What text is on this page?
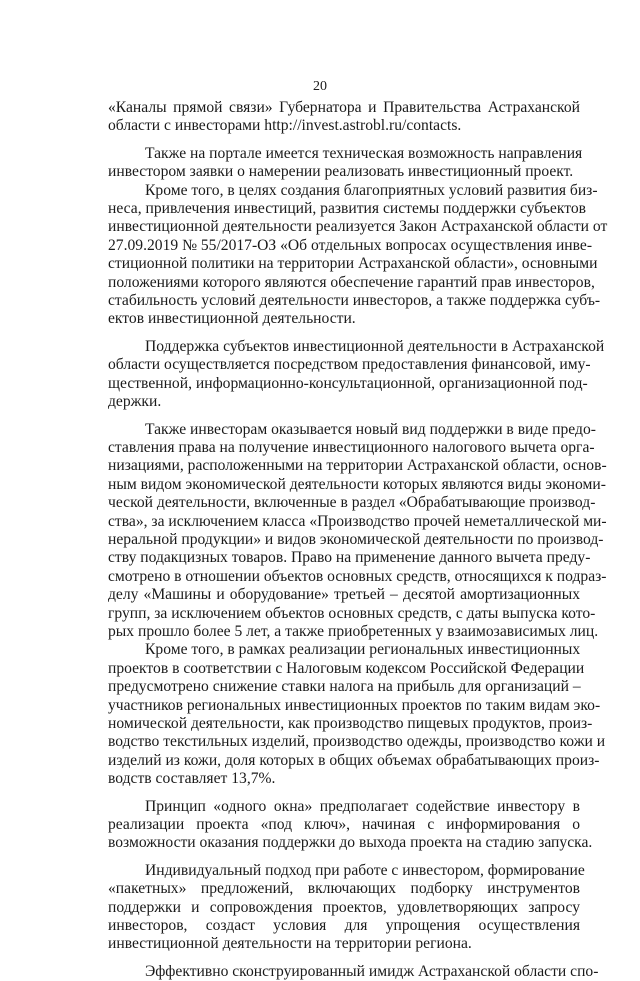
20

«Каналы прямой связи» Губернатора и Правительства Астраханской
области с инвесторами http://invest.astrobl.ru/contacts.

Также на портале имеется техническая возможность направления
инвестором заявки о намерении реализовать инвестиционный проект.

Кроме того, в целях создания благоприятных условий развития биз-
неса, привлечения инвестиций, развития системы поддержки субъектов
инвестиционной деятельности реализуется Закон Астраханской области от
27.09.2019 № 55/2017-ОЗ «Об отдельных вопросах осуществления инве-
стиционной политики на территории Астраханской области», основными
положениями которого являются обеспечение гарантий прав инвесторов,
стабильность условий деятельности инвесторов, а также поддержка субъ-
ектов инвестиционной деятельности.

Поддержка субъектов инвестиционной деятельности в Астраханской
области осуществляется посредством предоставления финансовой, иму-
щественной, информационно-консультационной, организационной под-
держки.

Также инвесторам оказывается новый вид поддержки в виде предо-
ставления права на получение инвестиционного налогового вычета орга-
низациями, расположенными на территории Астраханской области, основ-
ным видом экономической деятельности которых являются виды экономи-
ческой деятельности, включенные в раздел «Обрабатывающие производ-
ства», за исключением класса «Производство прочей неметаллической ми-
неральной продукции» и видов экономической деятельности по производ-
ству подакцизных товаров. Право на применение данного вычета преду-
смотрено в отношении объектов основных средств, относящихся к подраз-
делу «Машины и оборудование» третьей – десятой амортизационных
групп, за исключением объектов основных средств, с даты выпуска кото-
рых прошло более 5 лет, а также приобретенных у взаимозависимых лиц.

Кроме того, в рамках реализации региональных инвестиционных
проектов в соответствии с Налоговым кодексом Российской Федерации
предусмотрено снижение ставки налога на прибыль для организаций –
участников региональных инвестиционных проектов по таким видам эко-
номической деятельности, как производство пищевых продуктов, произ-
водство текстильных изделий, производство одежды, производство кожи и
изделий из кожи, доля которых в общих объемах обрабатывающих произ-
водств составляет 13,7%.

Принцип «одного окна» предполагает содействие инвестору в
реализации проекта «под ключ», начиная с информирования о
возможности оказания поддержки до выхода проекта на стадию запуска.

Индивидуальный подход при работе с инвестором, формирование
«пакетных» предложений, включающих подборку инструментов
поддержки и сопровождения проектов, удовлетворяющих запросу
инвесторов, создаст условия для упрощения осуществления
инвестиционной деятельности на территории региона.

Эффективно сконструированный имидж Астраханской области спо-
